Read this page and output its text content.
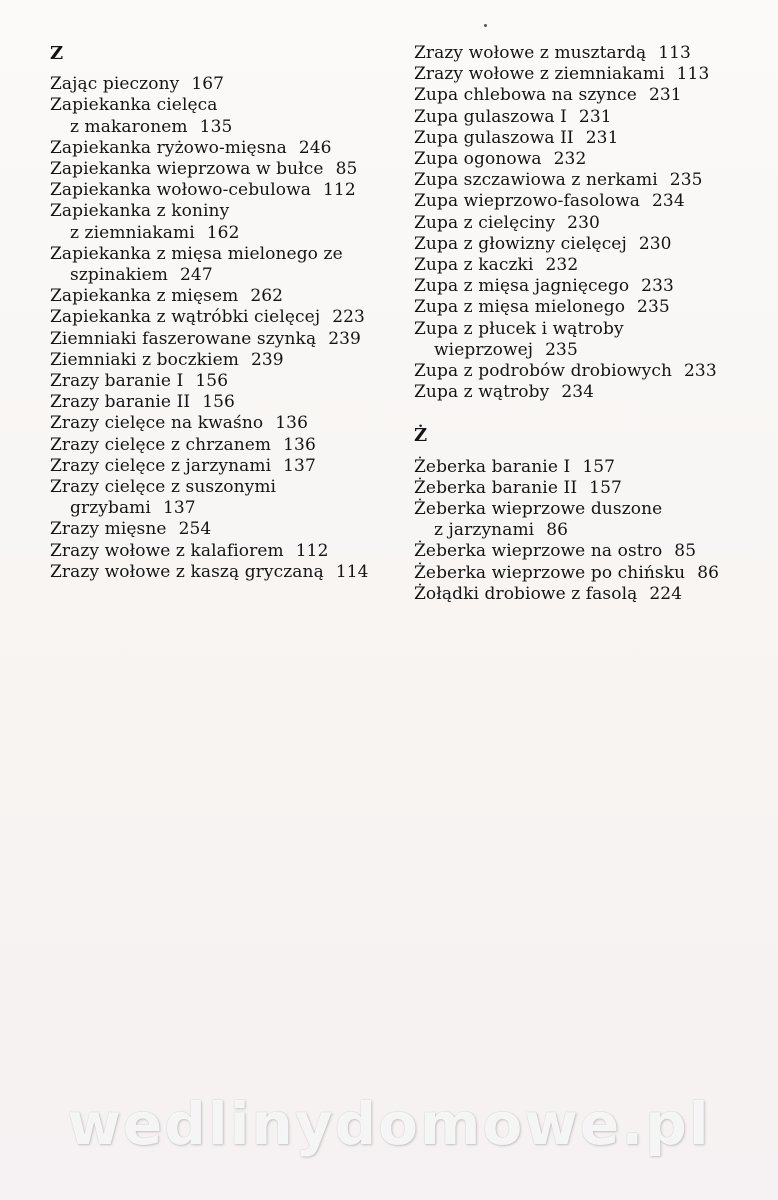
Z
Zając pieczony 167
Zapiekanka cielęca
z makaronem 135
Zapiekanka ryżowo-mięsna 246
Zapiekanka wieprzowa w bułce 85
Zapiekanka wołowo-cebulowa 112
Zapiekanka z koniny
z ziemniakami 162
Zapiekanka z mięsa mielonego ze
szpinakiem 247
Zapiekanka z mięsem 262
Zapiekanka z wątróbki cielęcej 223
Ziemniaki faszerowane szynką 239
Ziemniaki z boczkiem 239
Zrazy baranie I 156
Zrazy baranie II 156
Zrazy cielęce na kwaśno 136
Zrazy cielęce z chrzanem 136
Zrazy cielęce z jarzynami 137
Zrazy cielęce z suszonymi
grzybami 137
Zrazy mięsne 254
Zrazy wołowe z kalafiorem 112
Zrazy wołowe z kaszą gryczaną 114
Zrazy wołowe z musztardą 113
Zrazy wołowe z ziemniakami 113
Zupa chlebowa na szynce 231
Zupa gulaszowa I 231
Zupa gulaszowa II 231
Zupa ogonowa 232
Zupa szczawiowa z nerkami 235
Zupa wieprzowo-fasolowa 234
Zupa z cielęciny 230
Zupa z głowizny cielęcej 230
Zupa z kaczki 232
Zupa z mięsa jagnięcego 233
Zupa z mięsa mielonego 235
Zupa z płucek i wątroby
wieprzowej 235
Zupa z podrobów drobiowych 233
Zupa z wątroby 234
Ż
Żeberka baranie I 157
Żeberka baranie II 157
Żeberka wieprzowe duszone
z jarzynami 86
Żeberka wieprzowe na ostro 85
Żeberka wieprzowe po chińsku 86
Żołądki drobiowe z fasolą 224
wedlinydomowe.pl
